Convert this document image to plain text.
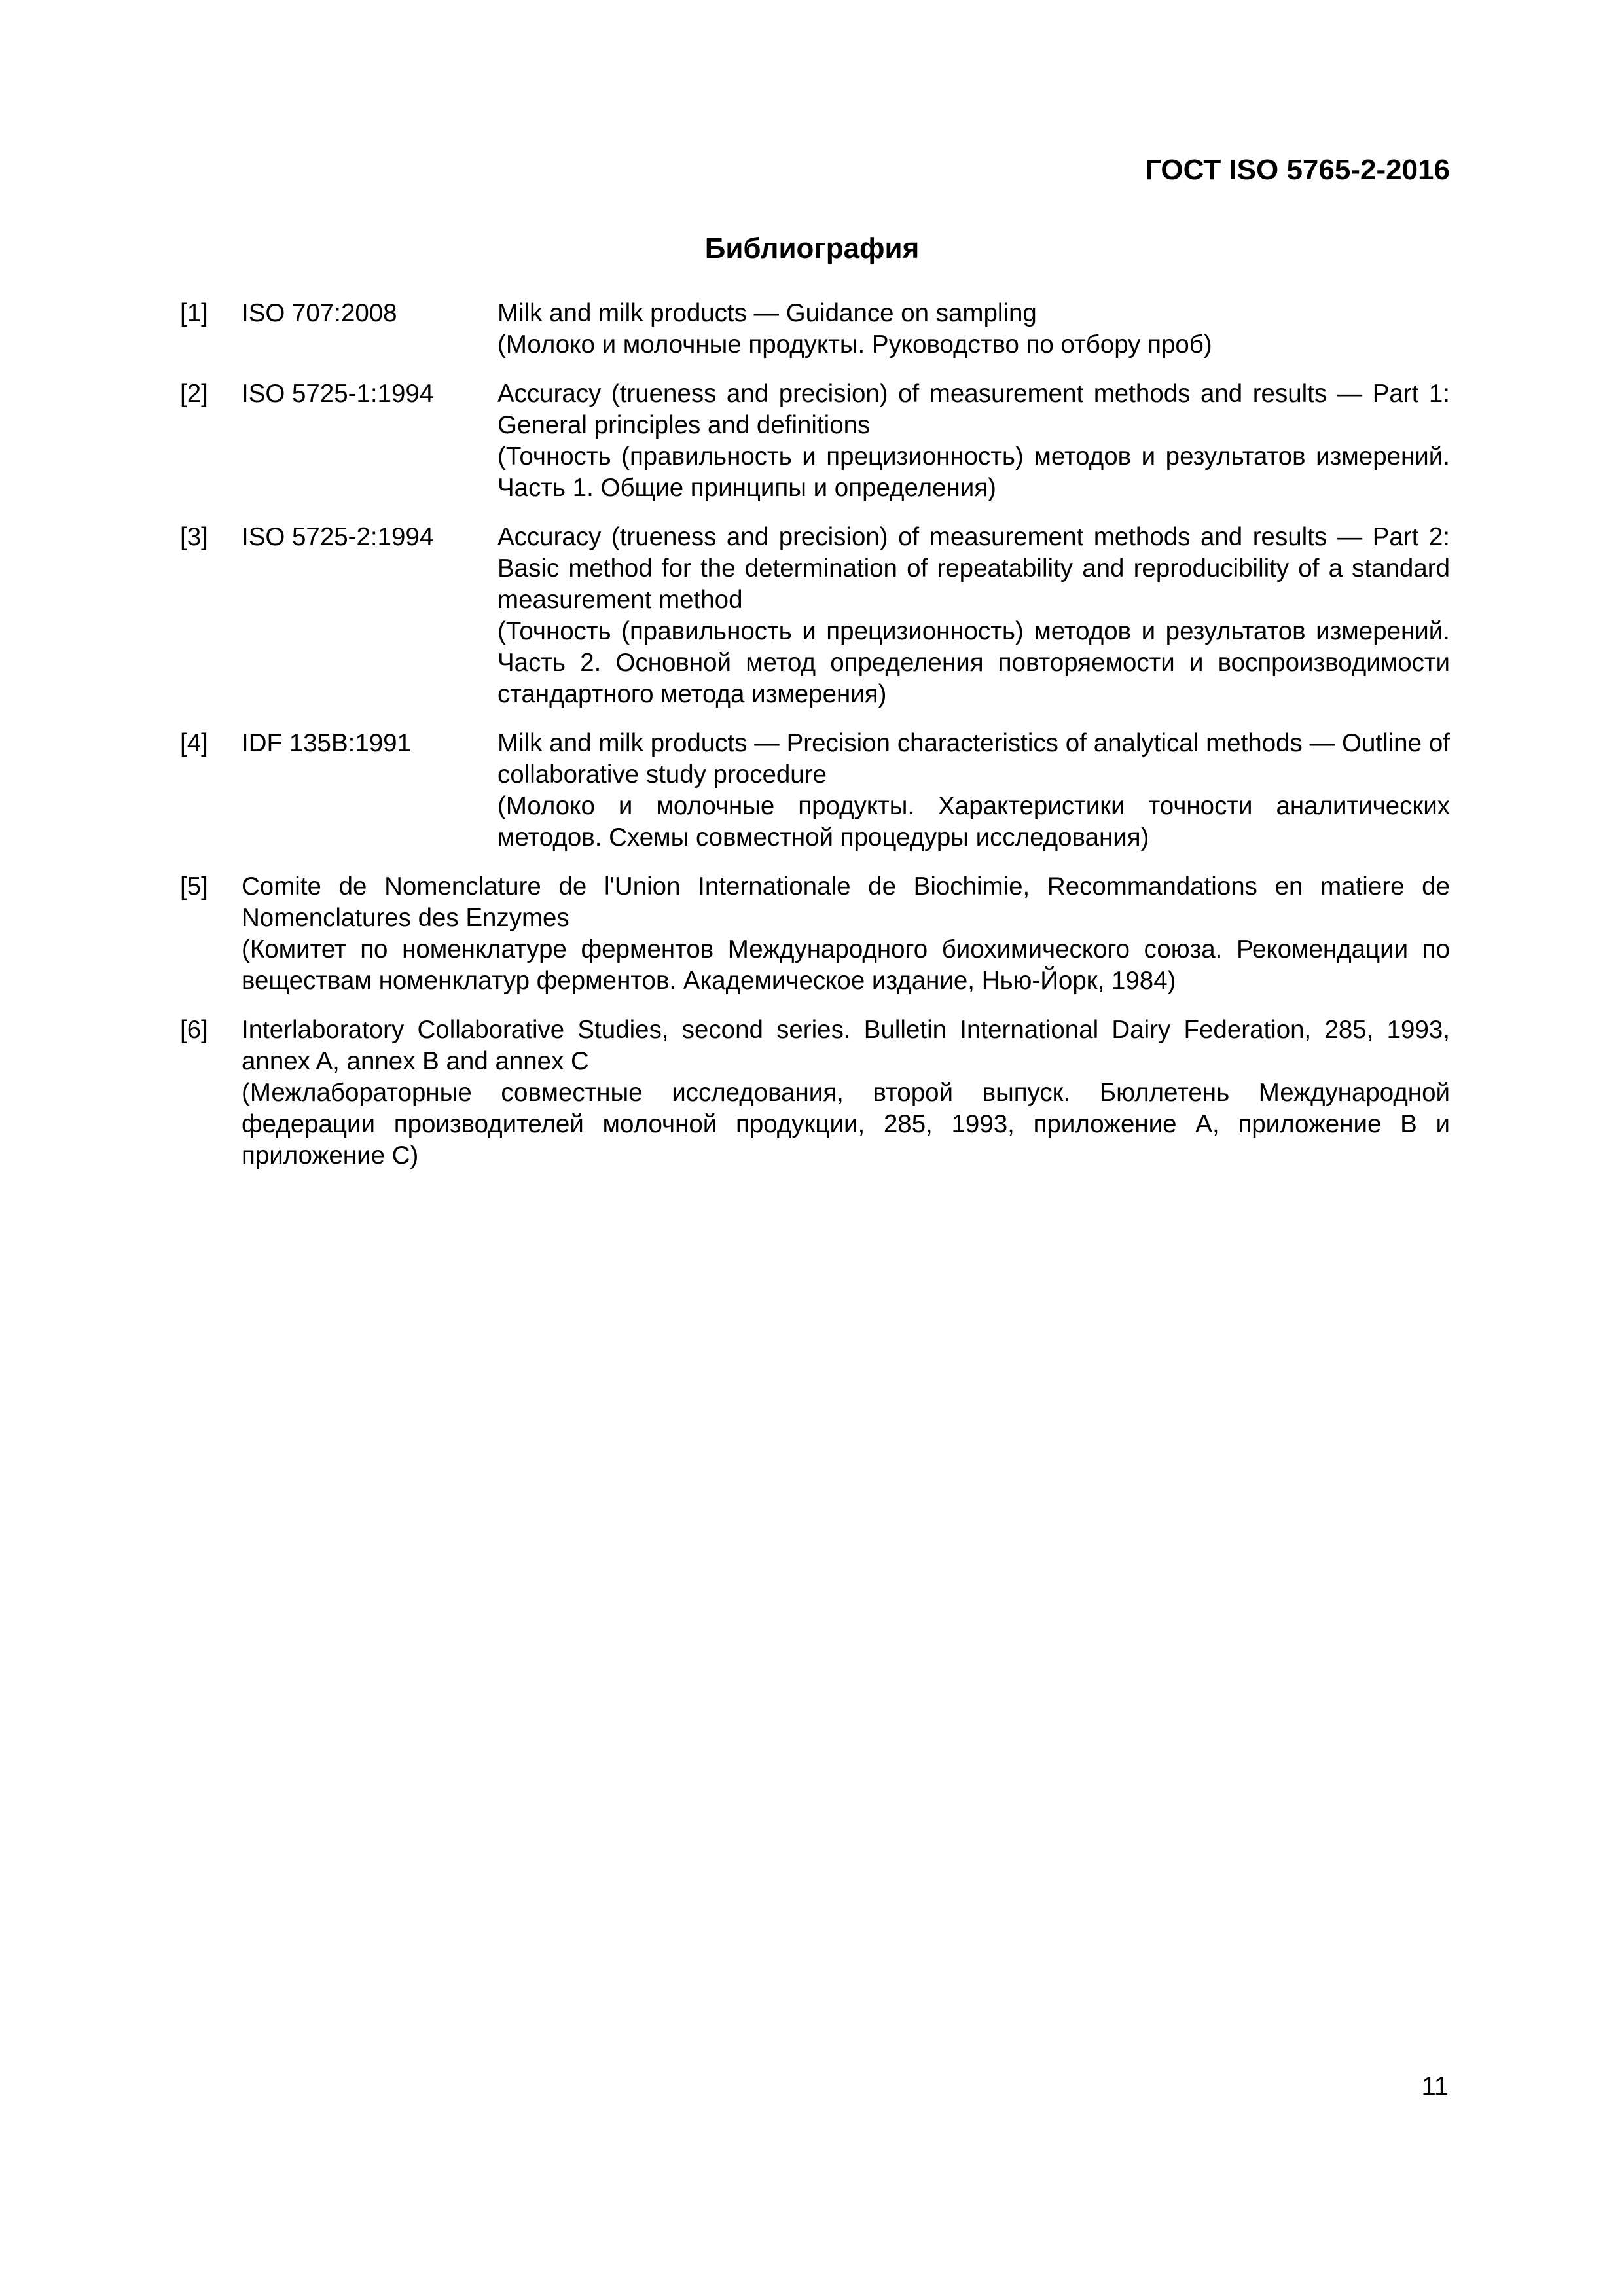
ГОСТ ISO 5765-2-2016
Библиография
[1]	ISO 707:2008	Milk and milk products — Guidance on sampling
(Молоко и молочные продукты. Руководство по отбору проб)
[2]	ISO 5725-1:1994	Accuracy (trueness and precision) of measurement methods and results — Part 1: General principles and definitions
(Точность (правильность и прецизионность) методов и результатов измерений. Часть 1. Общие принципы и определения)
[3]	ISO 5725-2:1994	Accuracy (trueness and precision) of measurement methods and results — Part 2: Basic method for the determination of repeatability and reproducibility of a standard measurement method
(Точность (правильность и прецизионность) методов и результатов измерений. Часть 2. Основной метод определения повторяемости и воспроизводимости стандартного метода измерения)
[4]	IDF 135B:1991	Milk and milk products — Precision characteristics of analytical methods — Outline of collaborative study procedure
(Молоко и молочные продукты. Характеристики точности аналитических методов. Схемы совместной процедуры исследования)
[5]	Comite de Nomenclature de l'Union Internationale de Biochimie, Recommandations en matiere de Nomenclatures des Enzymes
(Комитет по номенклатуре ферментов Международного биохимического союза. Рекомендации по веществам номенклатур ферментов. Академическое издание, Нью-Йорк, 1984)
[6]	Interlaboratory Collaborative Studies, second series. Bulletin International Dairy Federation, 285, 1993, annex A, annex B and annex C
(Межлабораторные совместные исследования, второй выпуск. Бюллетень Международной федерации производителей молочной продукции, 285, 1993, приложение А, приложение В и приложение С)
11
